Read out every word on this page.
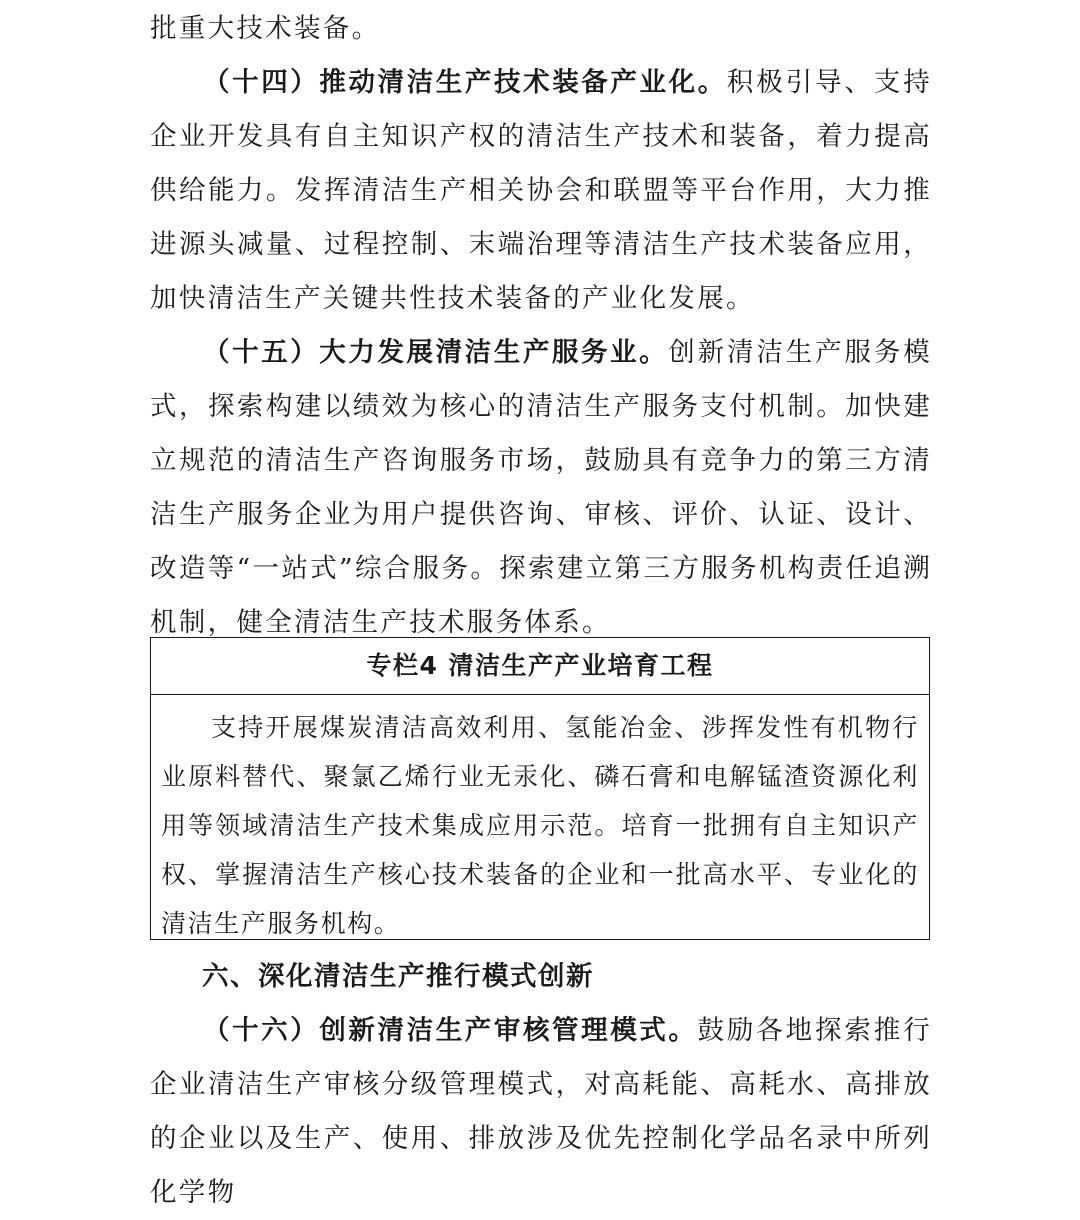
批重大技术装备。

（十四）推动清洁生产技术装备产业化。积极引导、支持企业开发具有自主知识产权的清洁生产技术和装备，着力提高供给能力。发挥清洁生产相关协会和联盟等平台作用，大力推进源头减量、过程控制、末端治理等清洁生产技术装备应用，加快清洁生产关键共性技术装备的产业化发展。

（十五）大力发展清洁生产服务业。创新清洁生产服务模式，探索构建以绩效为核心的清洁生产服务支付机制。加快建立规范的清洁生产咨询服务市场，鼓励具有竞争力的第三方清洁生产服务企业为用户提供咨询、审核、评价、认证、设计、改造等“一站式”综合服务。探索建立第三方服务机构责任追溯机制，健全清洁生产技术服务体系。

专栏4 清洁生产产业培育工程

支持开展煤炭清洁高效利用、氢能冶金、涉挥发性有机物行业原料替代、聚氯乙烯行业无汞化、磷石膏和电解锰渣资源化利用等领域清洁生产技术集成应用示范。培育一批拥有自主知识产权、掌握清洁生产核心技术装备的企业和一批高水平、专业化的清洁生产服务机构。

六、深化清洁生产推行模式创新

（十六）创新清洁生产审核管理模式。鼓励各地探索推行企业清洁生产审核分级管理模式，对高耗能、高耗水、高排放的企业以及生产、使用、排放涉及优先控制化学品名录中所列化学物
